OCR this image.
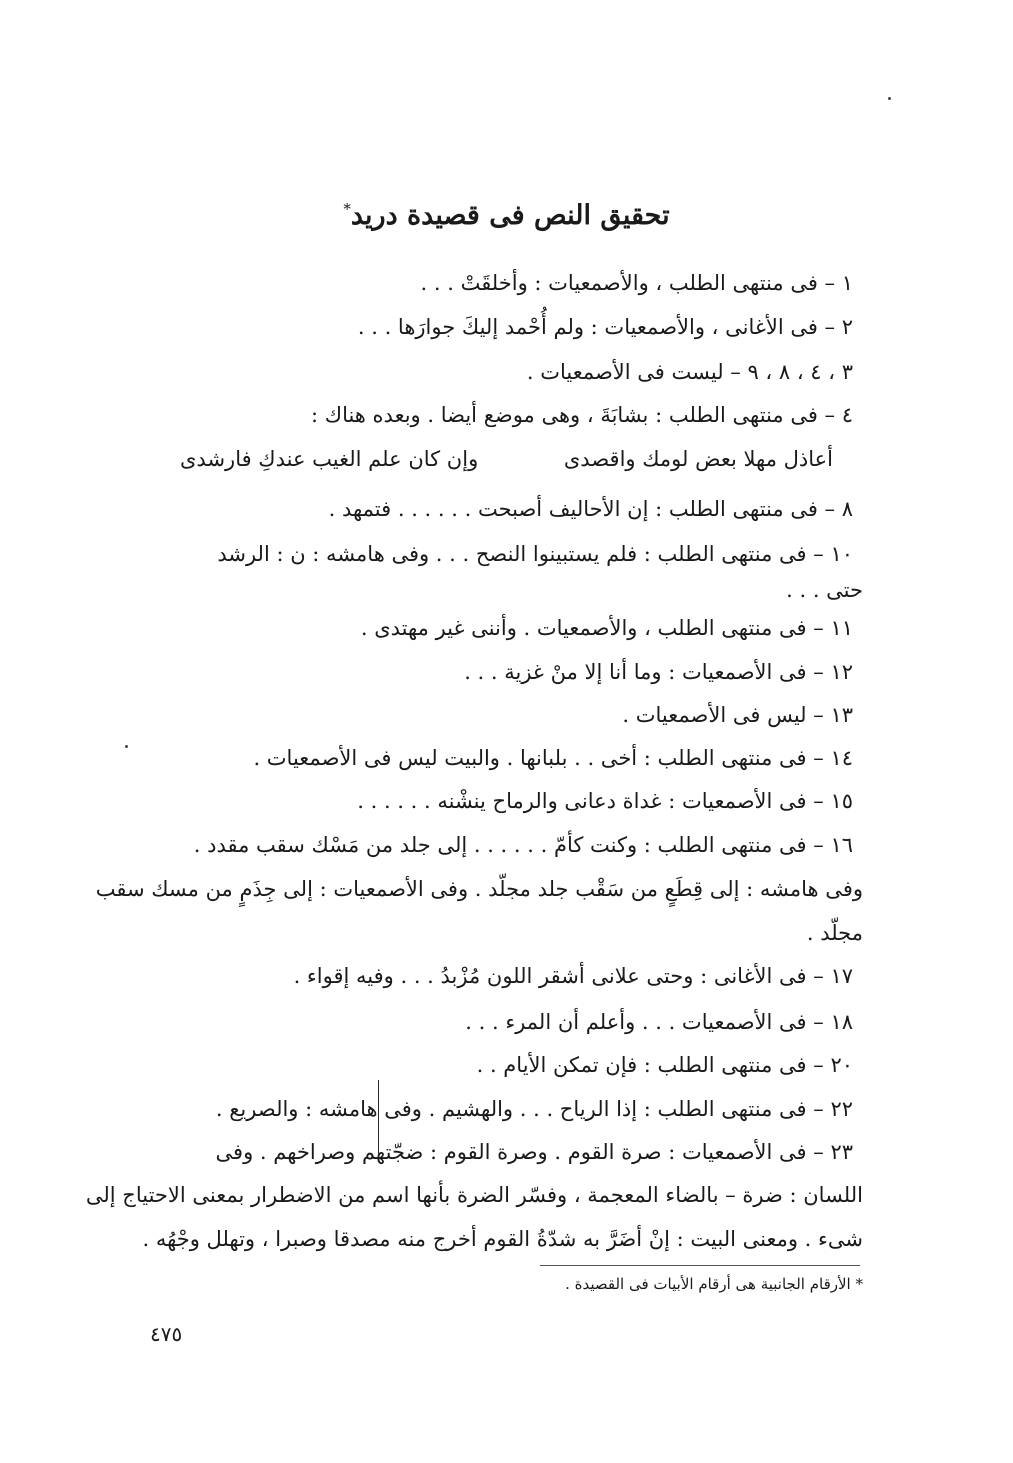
تحقيق النص فى قصيدة دريد*
١ – فى منتهى الطلب ، والأصمعيات : وأخلقَتْ . . .
٢ – فى الأغانى ، والأصمعيات : ولم أُحْمد إليكَ جوارَها . . .
٣ ، ٤ ، ٨ ، ٩ – ليست فى الأصمعيات .
٤ – فى منتهى الطلب : بشابَةَ ، وهى موضع أيضا . وبعده هناك :
أعاذل مهلا بعض لومك واقصدى
وإن كان علم الغيب عندكِ فارشدى
٨ – فى منتهى الطلب : إن الأحاليف أصبحت . . . . . . فتمهد .
١٠ – فى منتهى الطلب : فلم يستبينوا النصح . . . وفى هامشه : ن : الرشد
حتى . . .
١١ – فى منتهى الطلب ، والأصمعيات . وأننى غير مهتدى .
١٢ – فى الأصمعيات : وما أنا إلا منْ غزية . . .
١٣ – ليس فى الأصمعيات .
١٤ – فى منتهى الطلب : أخى . . بلبانها . والبيت ليس فى الأصمعيات .
١٥ – فى الأصمعيات : غداة دعانى والرماح ينشْنه . . . . . .
١٦ – فى منتهى الطلب : وكنت كأمّ . . . . . . إلى جلد من مَسْك سقب مقدد .
وفى هامشه : إلى قِطَعٍ من سَقْب جلد مجلّد . وفى الأصمعيات : إلى جِذَمٍ من مسك سقب
مجلّد .
١٧ – فى الأغانى : وحتى علانى أشقر اللون مُزْبدُ . . . وفيه إقواء .
١٨ – فى الأصمعيات . . . وأعلم أن المرء . . .
٢٠ – فى منتهى الطلب : فإن تمكن الأيام . .
٢٢ – فى منتهى الطلب : إذا الرياح . . . والهشيم . وفى هامشه : والصريع .
٢٣ – فى الأصمعيات : صرة القوم . وصرة القوم : ضجّتهم وصراخهم . وفى
اللسان : ضرة – بالضاء المعجمة ، وفسّر الضرة بأنها اسم من الاضطرار بمعنى الاحتياج إلى
شىء . ومعنى البيت : إنْ أضَرَّ به شدّةُ القوم أخرج منه مصدقا وصبرا ، وتهلل وجْهُه .
* الأرقام الجانبية هى أرقام الأبيات فى القصيدة .
٤٧٥
